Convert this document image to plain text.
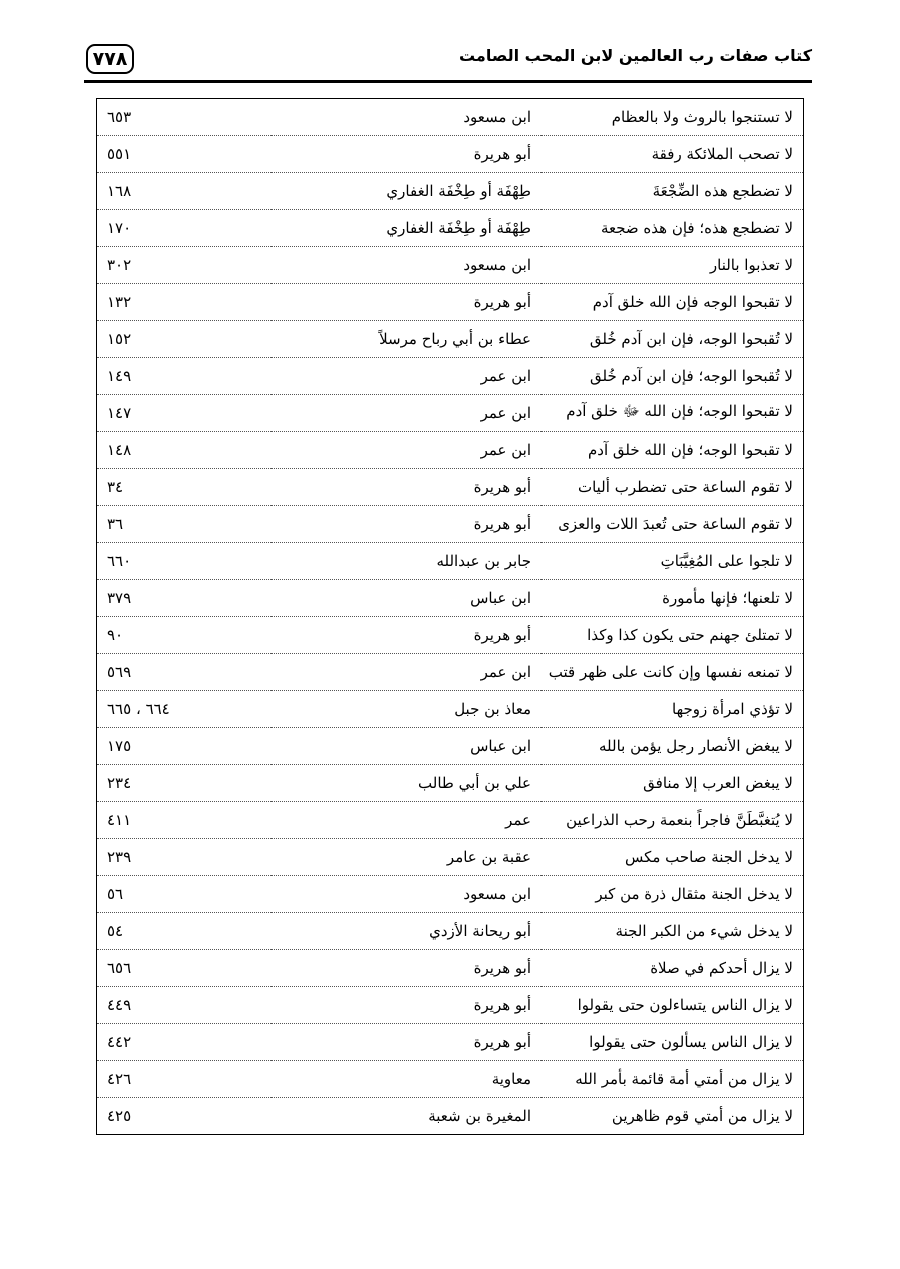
٧٧٨	كتاب صفات رب العالمين لابن المحب الصامت
لا تستنجوا بالروث ولا بالعظام	ابن مسعود	٦٥٣
لا تصحب الملائكة رفقة	أبو هريرة	٥٥١
لا تضطجع هذه الضِّجْعَةَ	طِهْفَة أو طِخْفَة الغفاري	١٦٨
لا تضطجع هذه؛ فإن هذه ضجعة	طِهْفَة أو طِخْفَة الغفاري	١٧٠
لا تعذبوا بالنار	ابن مسعود	٣٠٢
لا تقبحوا الوجه فإن الله خلق آدم	أبو هريرة	١٣٢
لا تُقبحوا الوجه، فإن ابن آدم خُلق	عطاء بن أبي رباح مرسلاً	١٥٢
لا تُقبحوا الوجه؛ فإن ابن آدم خُلق	ابن عمر	١٤٩
لا تقبحوا الوجه؛ فإن الله ﷻ خلق آدم	ابن عمر	١٤٧
لا تقبحوا الوجه؛ فإن الله خلق آدم	ابن عمر	١٤٨
لا تقوم الساعة حتى تضطرب أليات	أبو هريرة	٣٤
لا تقوم الساعة حتى تُعبدَ اللات والعزى	أبو هريرة	٣٦
لا تلجوا على المُغِيَّبَاتِ	جابر بن عبدالله	٦٦٠
لا تلعنها؛ فإنها مأمورة	ابن عباس	٣٧٩
لا تمتلئ جهنم حتى يكون كذا وكذا	أبو هريرة	٩٠
لا تمنعه نفسها وإن كانت على ظهر قتب	ابن عمر	٥٦٩
لا تؤذي امرأة زوجها	معاذ بن جبل	٦٦٤ ، ٦٦٥
لا يبغض الأنصار رجل يؤمن بالله	ابن عباس	١٧٥
لا يبغض العرب إلا منافق	علي بن أبي طالب	٢٣٤
لا يُتغبَّطَنَّ فاجراً بنعمة رحب الذراعين	عمر	٤١١
لا يدخل الجنة صاحب مكس	عقبة بن عامر	٢٣٩
لا يدخل الجنة مثقال ذرة من كبر	ابن مسعود	٥٦
لا يدخل شيء من الكبر الجنة	أبو ريحانة الأزدي	٥٤
لا يزال أحدكم في صلاة	أبو هريرة	٦٥٦
لا يزال الناس يتساءلون حتى يقولوا	أبو هريرة	٤٤٩
لا يزال الناس يسألون حتى يقولوا	أبو هريرة	٤٤٢
لا يزال من أمتي أمة قائمة بأمر الله	معاوية	٤٢٦
لا يزال من أمتي قوم ظاهرين	المغيرة بن شعبة	٤٢٥
